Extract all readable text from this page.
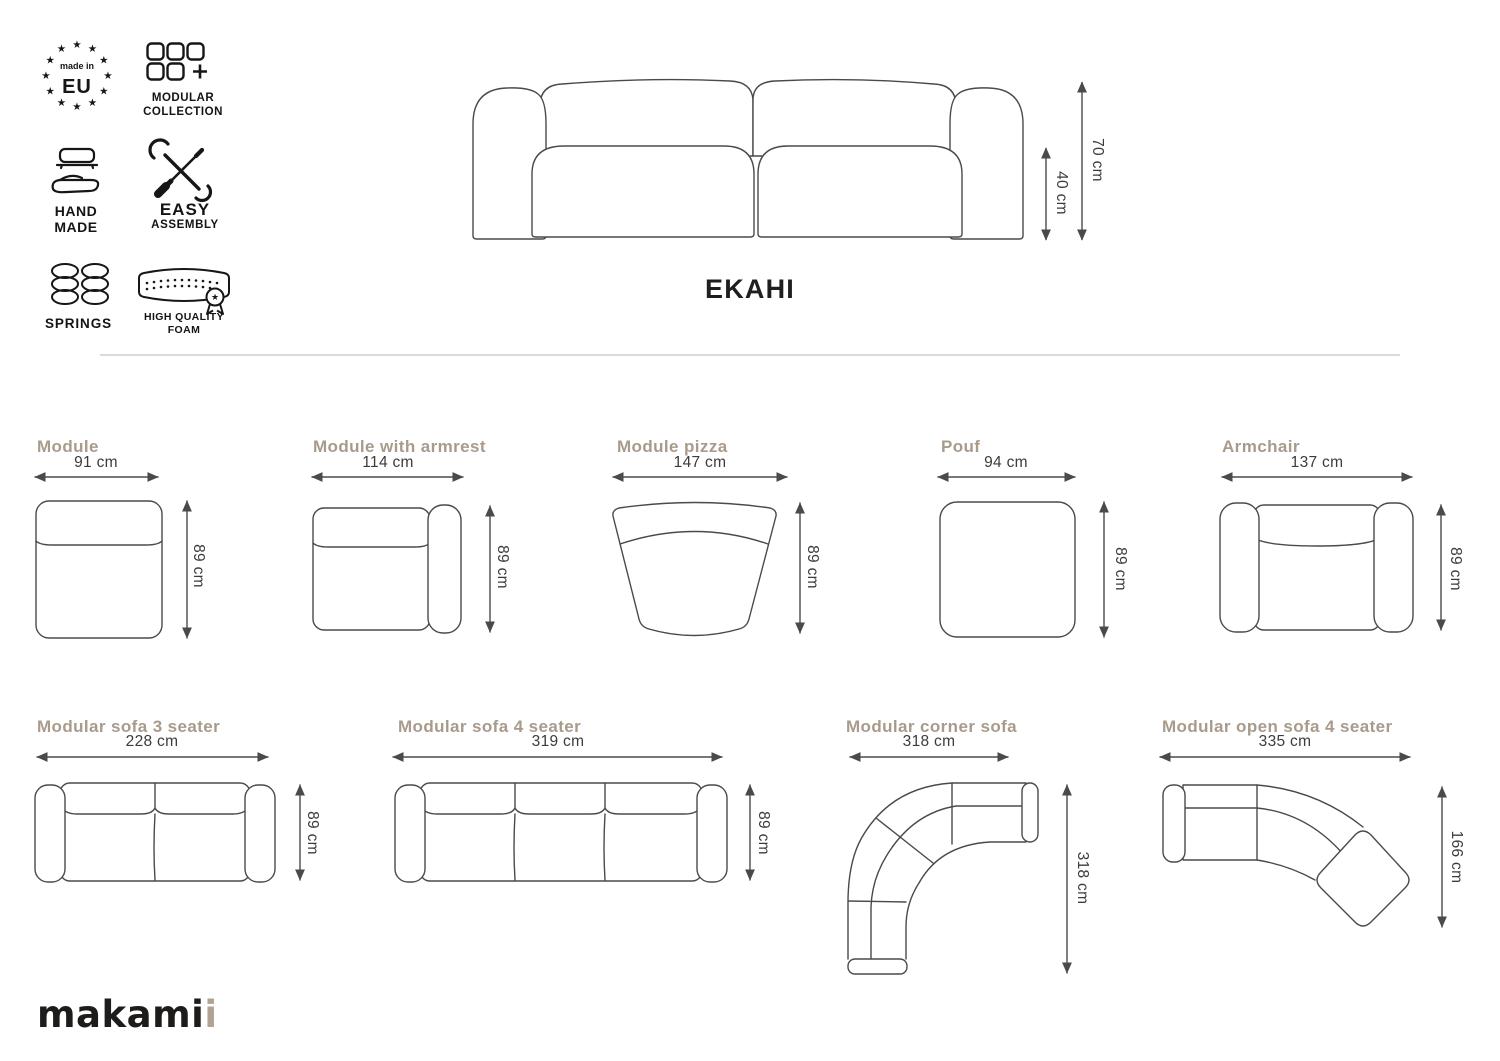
★ ★
★
★
★
★
★
★
★
★
★
★
made in
EU	MODULAR
COLLECTION
HAND
MADE
EASY
ASSEMBLY
SPRINGS
★
HIGH QUALITY
FOAM
40 cm
70 cm
EKAHI
Module
91 cm
89 cm
Module with armrest
114 cm
89 cm
Module pizza
147 cm
89 cm
Pouf
94 cm
89 cm
Armchair
137 cm
89 cm
Modular sofa 3 seater
228 cm
89 cm
Modular sofa 4 seater
319 cm
89 cm
Modular corner sofa
318 cm
318 cm
Modular open sofa 4 seater
335 cm
166 cm
makamii
